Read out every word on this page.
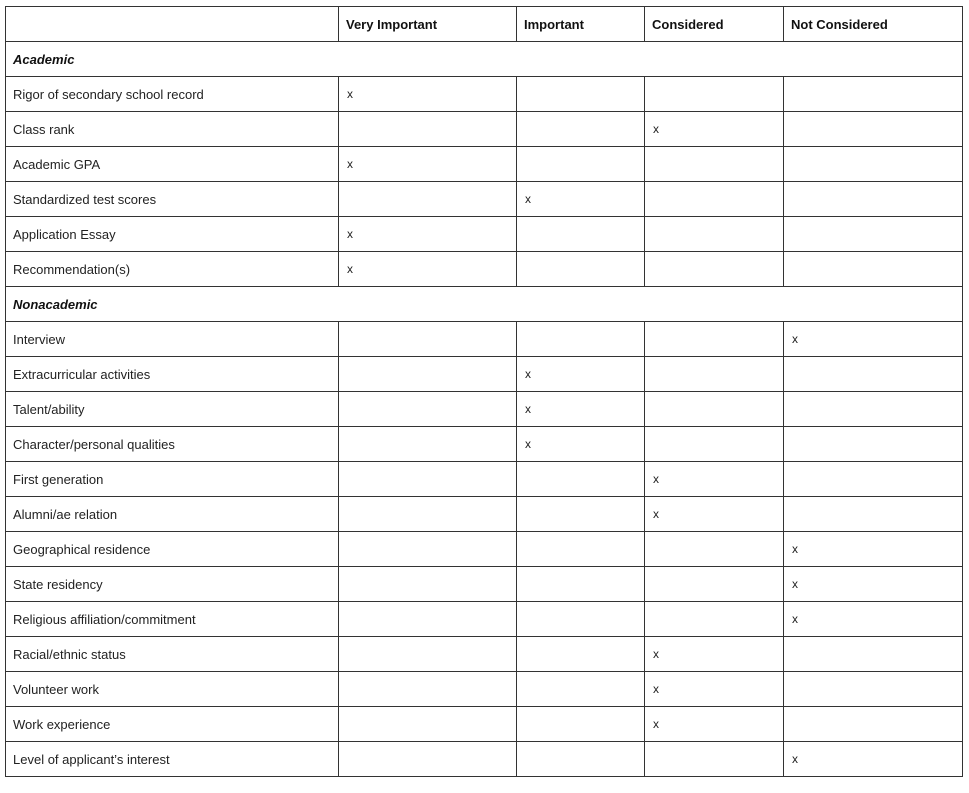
	Very Important	Important	Considered	Not Considered
Academic				
Rigor of secondary school record	x			
Class rank			x	
Academic GPA	x			
Standardized test scores		x		
Application Essay	x			
Recommendation(s)	x			
Nonacademic				
Interview				x
Extracurricular activities		x		
Talent/ability		x		
Character/personal qualities		x		
First generation			x	
Alumni/ae relation			x	
Geographical residence				x
State residency				x
Religious affiliation/commitment				x
Racial/ethnic status			x	
Volunteer work			x	
Work experience			x	
Level of applicant’s interest				x
